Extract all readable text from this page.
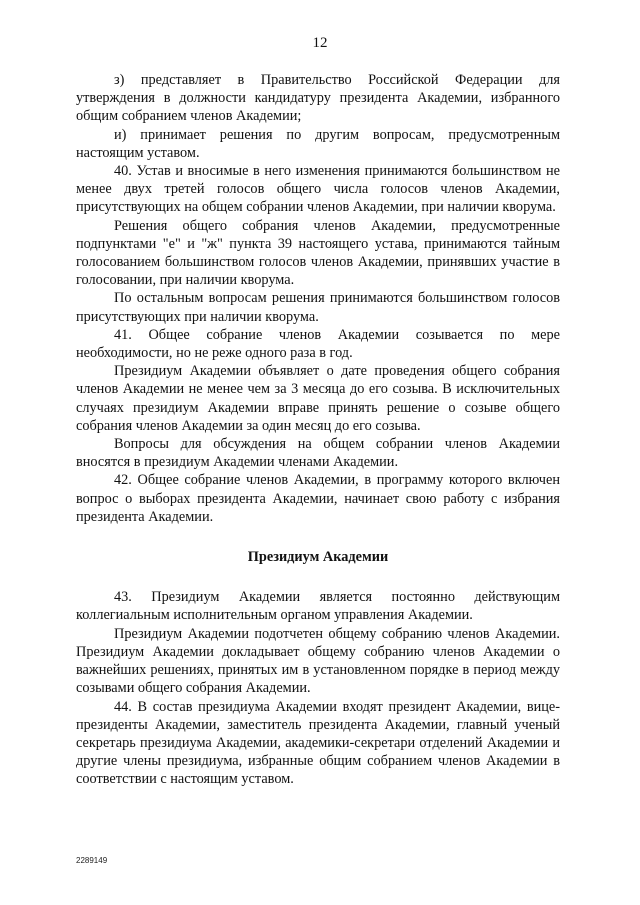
12

з) представляет в Правительство Российской Федерации для утверждения в должности кандидатуру президента Академии, избранного общим собранием членов Академии;

и) принимает решения по другим вопросам, предусмотренным настоящим уставом.

40. Устав и вносимые в него изменения принимаются большинством не менее двух третей голосов общего числа голосов членов Академии, присутствующих на общем собрании членов Академии, при наличии кворума.

Решения общего собрания членов Академии, предусмотренные подпунктами "е" и "ж" пункта 39 настоящего устава, принимаются тайным голосованием большинством голосов членов Академии, принявших участие в голосовании, при наличии кворума.

По остальным вопросам решения принимаются большинством голосов присутствующих при наличии кворума.

41. Общее собрание членов Академии созывается по мере необходимости, но не реже одного раза в год.

Президиум Академии объявляет о дате проведения общего собрания членов Академии не менее чем за 3 месяца до его созыва. В исключительных случаях президиум Академии вправе принять решение о созыве общего собрания членов Академии за один месяц до его созыва.

Вопросы для обсуждения на общем собрании членов Академии вносятся в президиум Академии членами Академии.

42. Общее собрание членов Академии, в программу которого включен вопрос о выборах президента Академии, начинает свою работу с избрания президента Академии.

Президиум Академии

43. Президиум Академии является постоянно действующим коллегиальным исполнительным органом управления Академии.

Президиум Академии подотчетен общему собранию членов Академии. Президиум Академии докладывает общему собранию членов Академии о важнейших решениях, принятых им в установленном порядке в период между созывами общего собрания Академии.

44. В состав президиума Академии входят президент Академии, вице-президенты Академии, заместитель президента Академии, главный ученый секретарь президиума Академии, академики-секретари отделений Академии и другие члены президиума, избранные общим собранием членов Академии в соответствии с настоящим уставом.

2289149
